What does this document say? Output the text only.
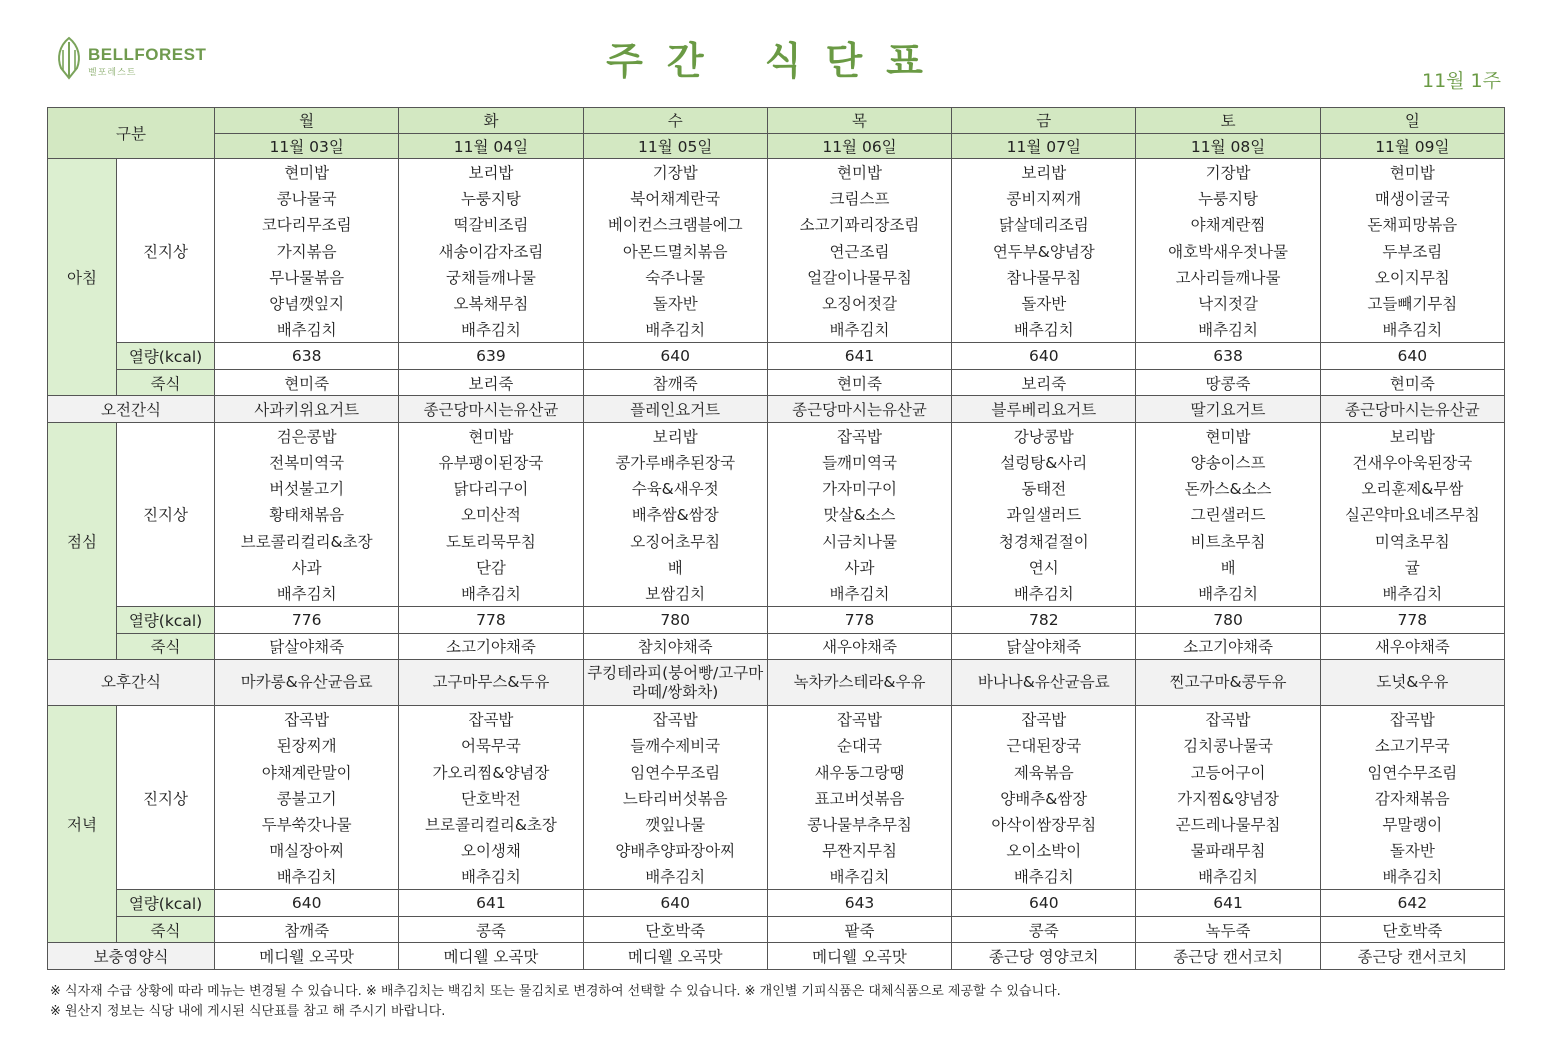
BELLFOREST
벨포레스트	주간 식단표	11월 1주
구분		월	화	수	목	금	토	일
		11월 03일	11월 04일	11월 05일	11월 06일	11월 07일	11월 08일	11월 09일
아침	진지상	현미밥	보리밥	기장밥	현미밥	보리밥	기장밥	현미밥
		콩나물국	누룽지탕	북어채계란국	크림스프	콩비지찌개	누룽지탕	매생이굴국
		코다리무조림	떡갈비조림	베이컨스크램블에그	소고기꽈리장조림	닭살데리조림	야채계란찜	돈채피망볶음
		가지볶음	새송이감자조림	아몬드멸치볶음	연근조림	연두부&양념장	애호박새우젓나물	두부조림
		무나물볶음	궁채들깨나물	숙주나물	얼갈이나물무침	참나물무침	고사리들깨나물	오이지무침
		양념깻잎지	오복채무침	돌자반	오징어젓갈	돌자반	낙지젓갈	고들빼기무침
		배추김치	배추김치	배추김치	배추김치	배추김치	배추김치	배추김치
	열량(kcal)	638	639	640	641	640	638	640
	죽식	현미죽	보리죽	참깨죽	현미죽	보리죽	땅콩죽	현미죽
오전간식		사과키위요거트	종근당마시는유산균	플레인요거트	종근당마시는유산균	블루베리요거트	딸기요거트	종근당마시는유산균
점심	진지상	검은콩밥	현미밥	보리밥	잡곡밥	강낭콩밥	현미밥	보리밥
		전복미역국	유부팽이된장국	콩가루배추된장국	들깨미역국	설렁탕&사리	양송이스프	건새우아욱된장국
		버섯불고기	닭다리구이	수육&새우젓	가자미구이	동태전	돈까스&소스	오리훈제&무쌈
		황태채볶음	오미산적	배추쌈&쌈장	맛살&소스	과일샐러드	그린샐러드	실곤약마요네즈무침
		브로콜리컬리&초장	도토리묵무침	오징어초무침	시금치나물	청경채겉절이	비트초무침	미역초무침
		사과	단감	배	사과	연시	배	귤
		배추김치	배추김치	보쌈김치	배추김치	배추김치	배추김치	배추김치
	열량(kcal)	776	778	780	778	782	780	778
	죽식	닭살야채죽	소고기야채죽	참치야채죽	새우야채죽	닭살야채죽	소고기야채죽	새우야채죽
오후간식		마카롱&유산균음료	고구마무스&두유	쿠킹테라피(붕어빵/고구마라떼/쌍화차)	녹차카스테라&우유	바나나&유산균음료	찐고구마&콩두유	도넛&우유
저녁	진지상	잡곡밥	잡곡밥	잡곡밥	잡곡밥	잡곡밥	잡곡밥	잡곡밥
		된장찌개	어묵무국	들깨수제비국	순대국	근대된장국	김치콩나물국	소고기무국
		야채계란말이	가오리찜&양념장	임연수무조림	새우동그랑땡	제육볶음	고등어구이	임연수무조림
		콩불고기	단호박전	느타리버섯볶음	표고버섯볶음	양배추&쌈장	가지찜&양념장	감자채볶음
		두부쑥갓나물	브로콜리컬리&초장	깻잎나물	콩나물부추무침	아삭이쌈장무침	곤드레나물무침	무말랭이
		매실장아찌	오이생채	양배추양파장아찌	무짠지무침	오이소박이	물파래무침	돌자반
		배추김치	배추김치	배추김치	배추김치	배추김치	배추김치	배추김치
	열량(kcal)	640	641	640	643	640	641	642
	죽식	참깨죽	콩죽	단호박죽	팥죽	콩죽	녹두죽	단호박죽
보충영양식		메디웰 오곡맛	메디웰 오곡맛	메디웰 오곡맛	메디웰 오곡맛	종근당 영양코치	종근당 캔서코치	종근당 캔서코치
※ 식자재 수급 상황에 따라 메뉴는 변경될 수 있습니다. ※ 배추김치는 백김치 또는 물김치로 변경하여 선택할 수 있습니다. ※ 개인별 기피식품은 대체식품으로 제공할 수 있습니다.
※ 원산지 정보는 식당 내에 게시된 식단표를 참고 해 주시기 바랍니다.
